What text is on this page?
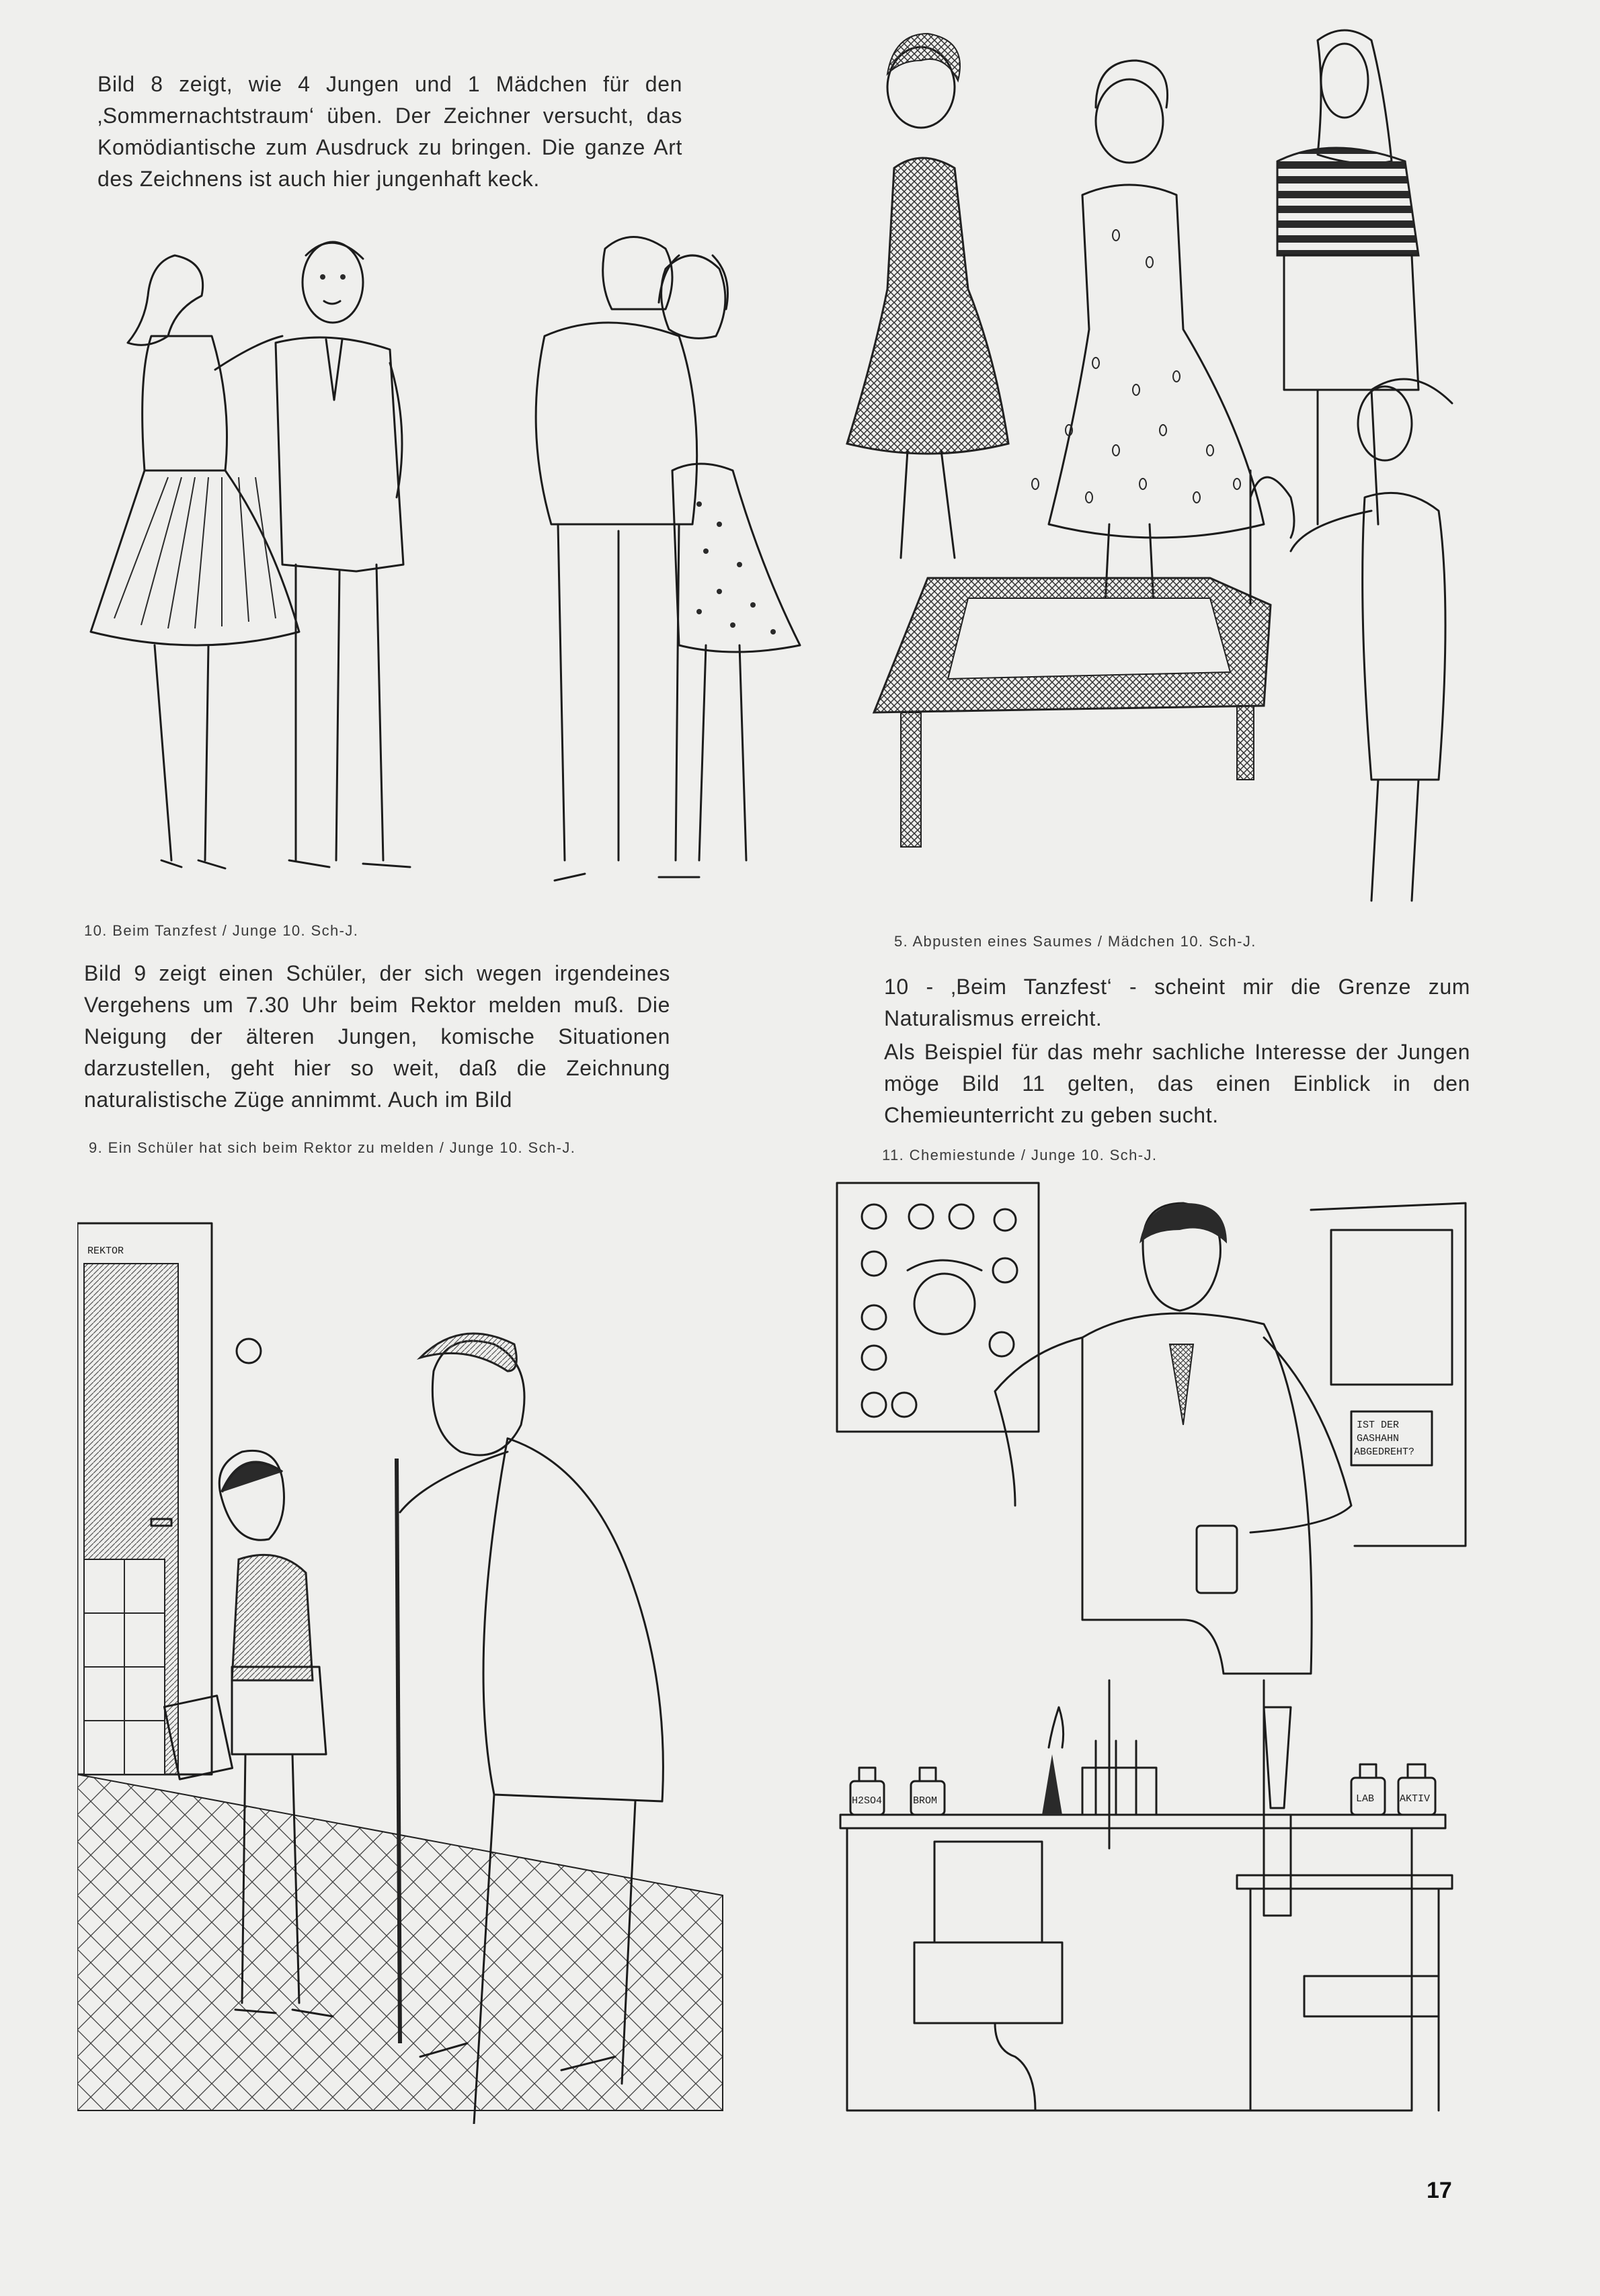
Bild 8 zeigt, wie 4 Jungen und 1 Mädchen für den ‚Sommernachtstraum‘ üben. Der Zeichner versucht, das Komödiantische zum Ausdruck zu bringen. Die ganze Art des Zeichnens ist auch hier jungenhaft keck.
Bild 9 zeigt einen Schüler, der sich wegen irgendeines Vergehens um 7.30 Uhr beim Rektor melden muß. Die Neigung der älteren Jungen, komische Situationen darzustellen, geht hier so weit, daß die Zeichnung naturalistische Züge annimmt. Auch im Bild
10 - ‚Beim Tanzfest‘ - scheint mir die Grenze zum Naturalismus erreicht.
Als Beispiel für das mehr sachliche Interesse der Jungen möge Bild 11 gelten, das einen Einblick in den Chemieunterricht zu geben sucht.
10. Beim Tanzfest / Junge 10. Sch-J.
5. Abpusten eines Saumes / Mädchen 10. Sch-J.
9. Ein Schüler hat sich beim Rektor zu melden / Junge 10. Sch-J.	11. Chemiestunde / Junge 10. Sch-J.
17
REKTOR
IST DER
GASHAHN
ABGEDREHT?
H2SO4	BROM	LAB	AKTIV
